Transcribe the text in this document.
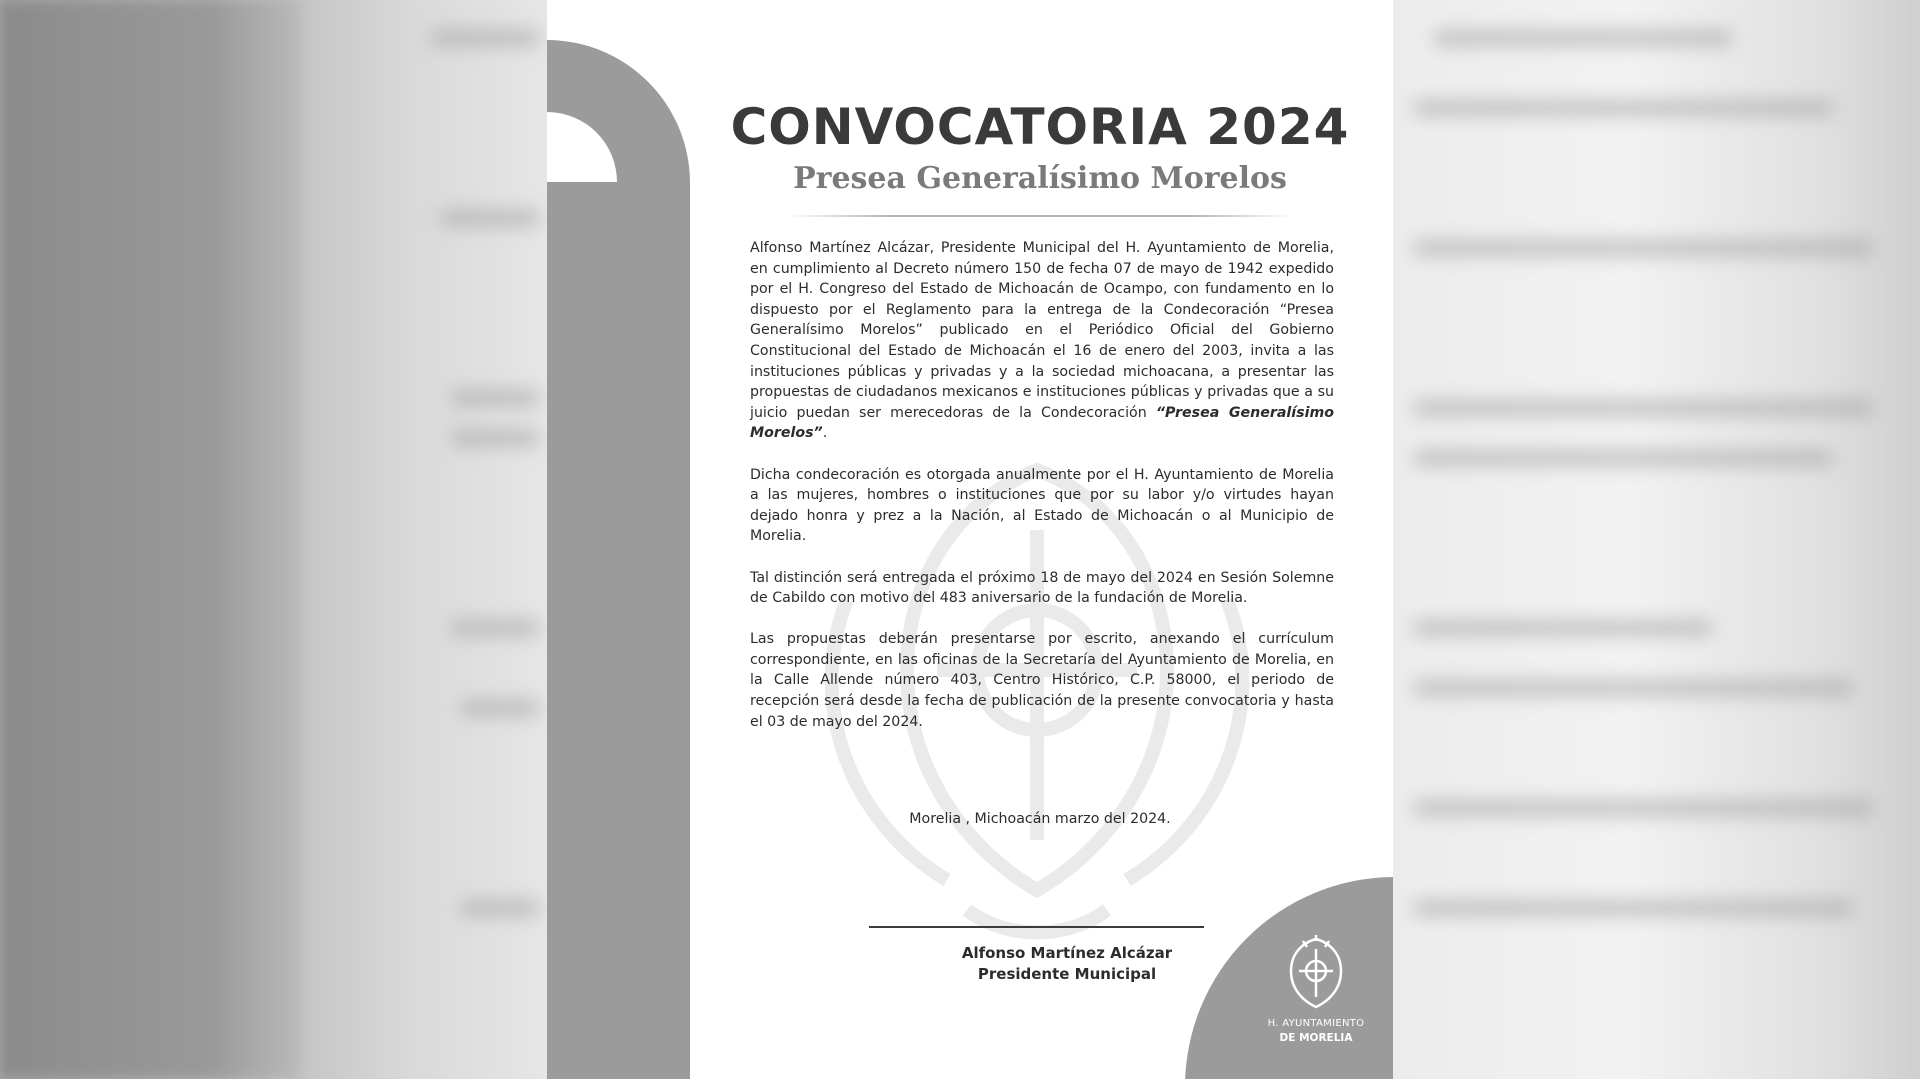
CONVOCATORIA 2024
Presea Generalísimo Morelos

Alfonso Martínez Alcázar, Presidente Municipal del H. Ayuntamiento de Morelia, en cumplimiento al Decreto número 150 de fecha 07 de mayo de 1942 expedido por el H. Congreso del Estado de Michoacán de Ocampo, con fundamento en lo dispuesto por el Reglamento para la entrega de la Condecoración “Presea Generalísimo Morelos” publicado en el Periódico Oficial del Gobierno Constitucional del Estado de Michoacán el 16 de enero del 2003, invita a las instituciones públicas y privadas y a la sociedad michoacana, a presentar las propuestas de ciudadanos mexicanos e instituciones públicas y privadas que a su juicio puedan ser merecedoras de la Condecoración “Presea Generalísimo Morelos”.

Dicha condecoración es otorgada anualmente por el H. Ayuntamiento de Morelia a las mujeres, hombres o instituciones que por su labor y/o virtudes hayan dejado honra y prez a la Nación, al Estado de Michoacán o al Municipio de Morelia.

Tal distinción será entregada el próximo 18 de mayo del 2024 en Sesión Solemne de Cabildo con motivo del 483 aniversario de la fundación de Morelia.

Las propuestas deberán presentarse por escrito, anexando el currículum correspondiente, en las oficinas de la Secretaría del Ayuntamiento de Morelia, en la Calle Allende número 403, Centro Histórico, C.P. 58000, el periodo de recepción será desde la fecha de publicación de la presente convocatoria y hasta el 03 de mayo del 2024.

Morelia , Michoacán marzo del 2024.
Alfonso Martínez Alcázar
Presidente Municipal
H. AYUNTAMIENTO
DE MORELIA
